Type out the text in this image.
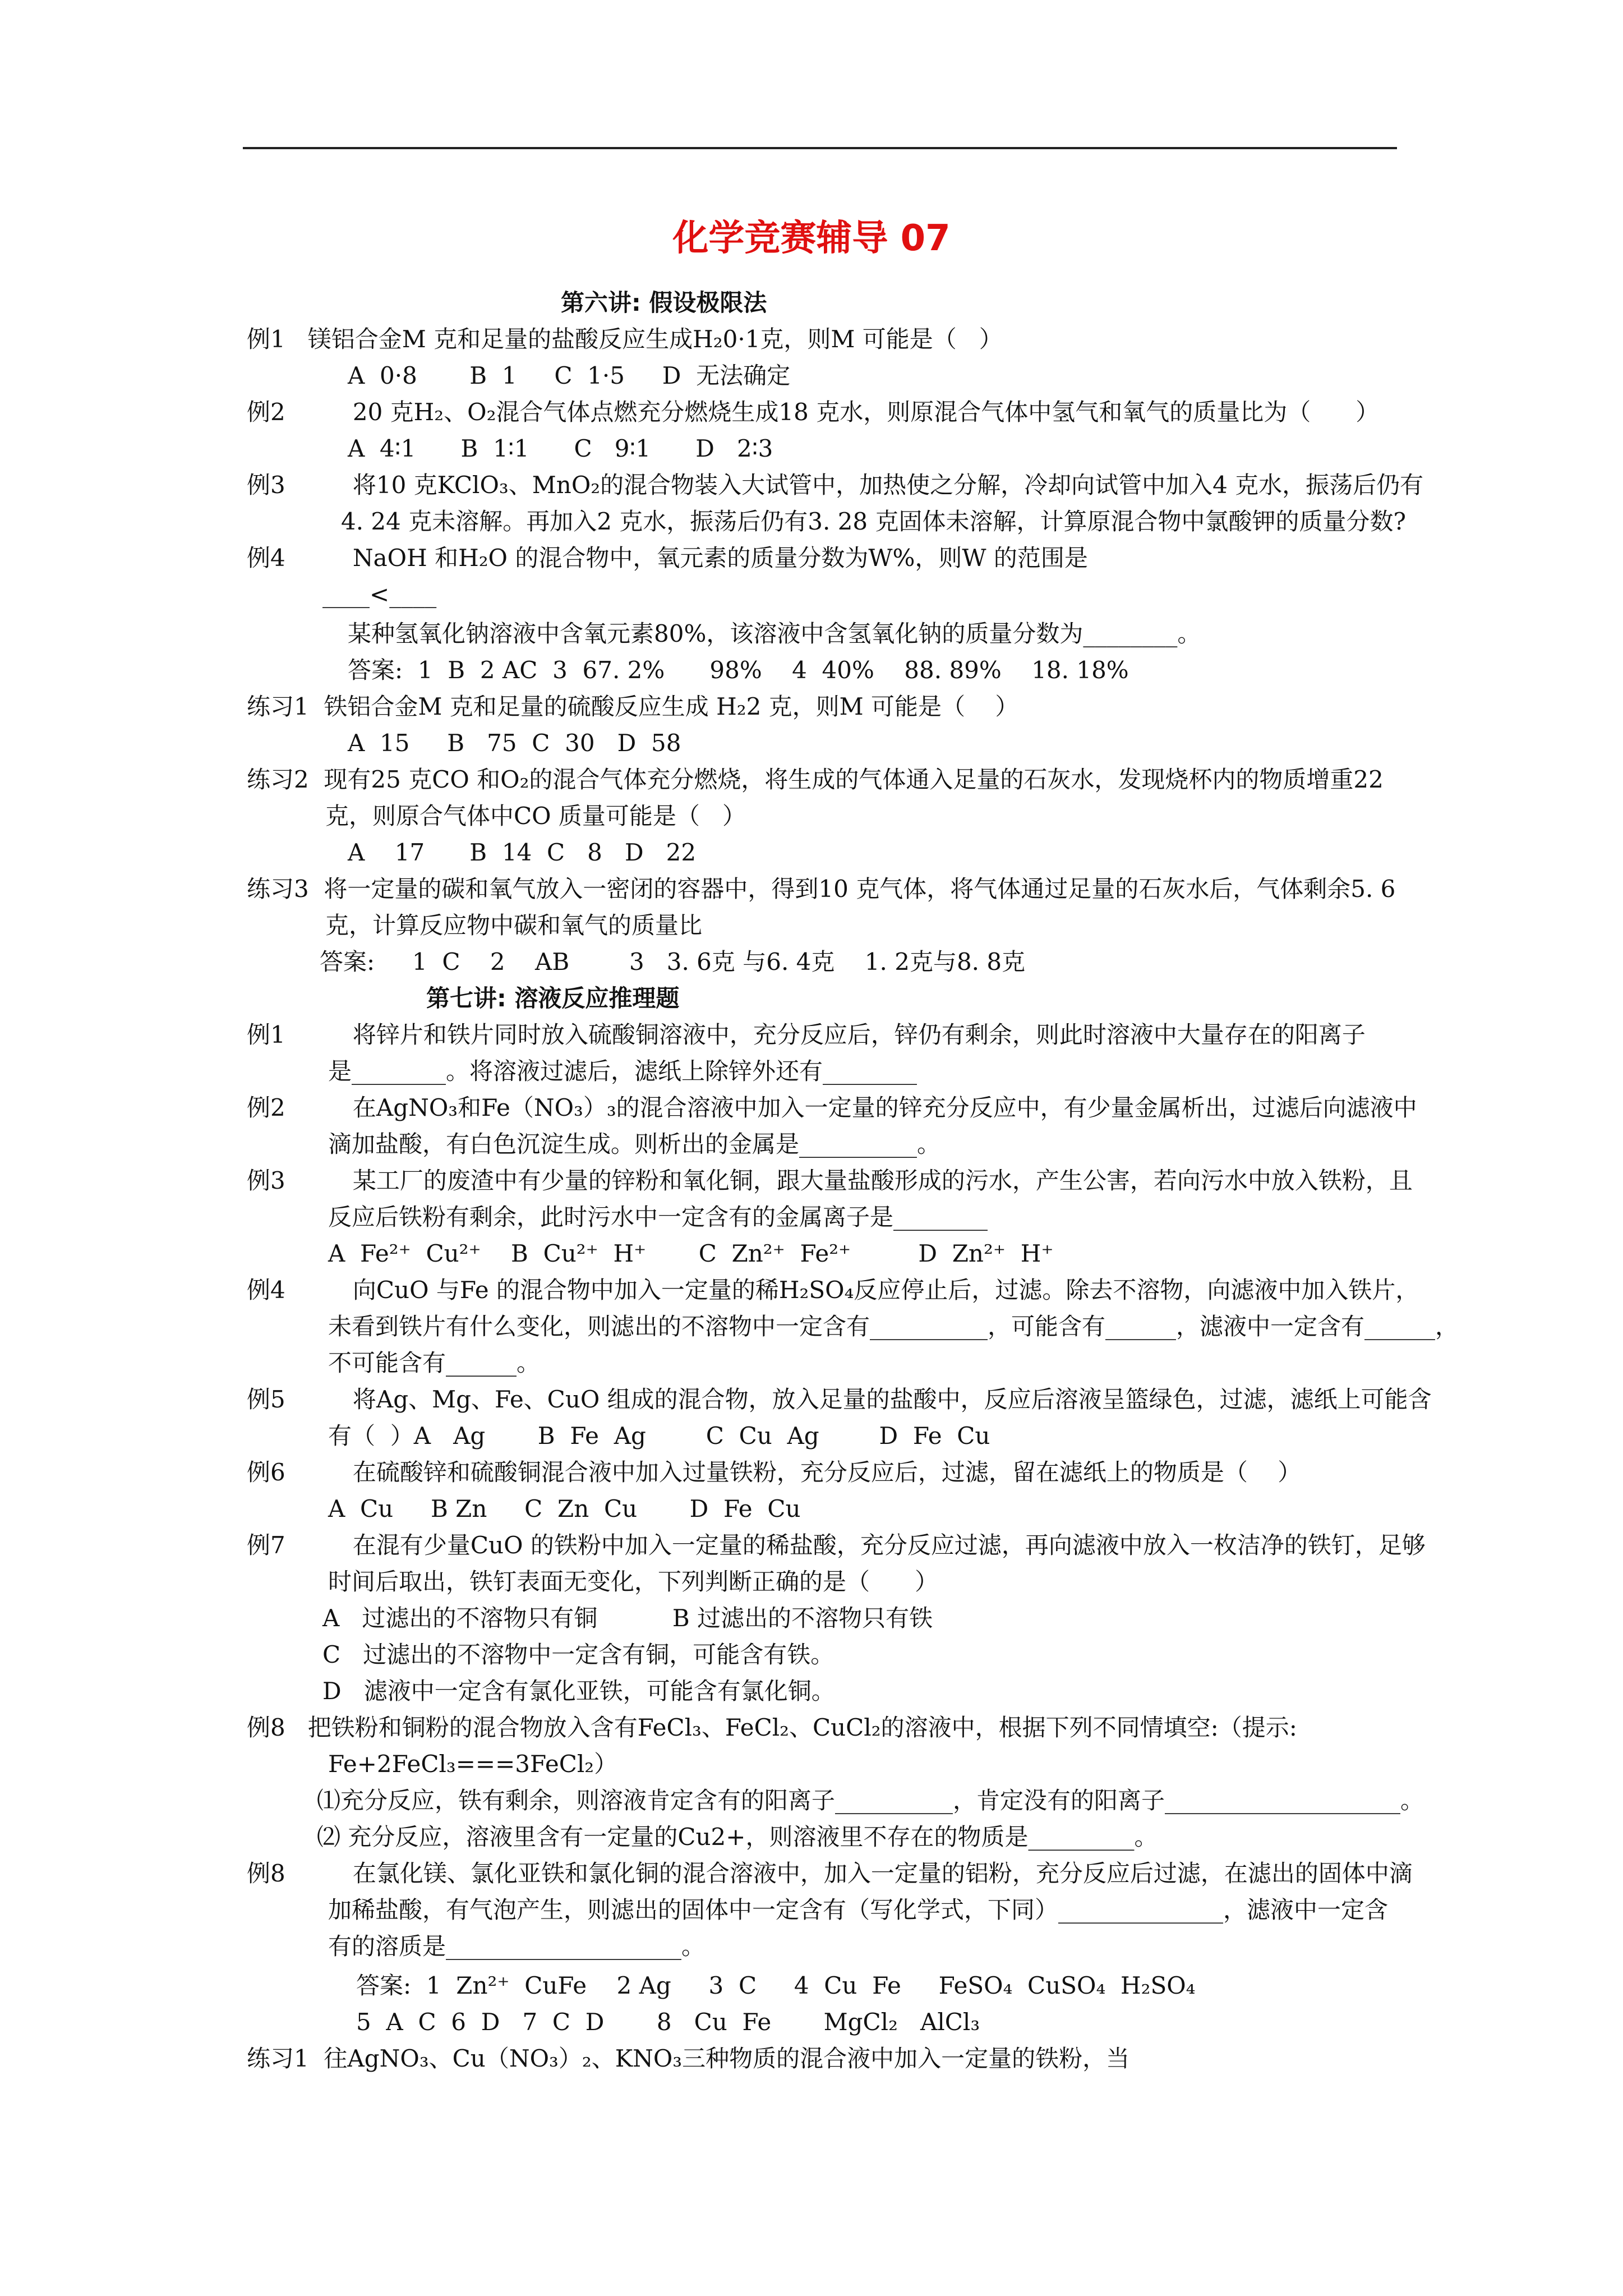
化学竞赛辅导 07
第六讲: 假设极限法
例1   镁铝合金M 克和足量的盐酸反应生成H₂0·1克，则M 可能是（   ）
A  0·8       B  1     C  1·5     D  无法确定
例2         20 克H₂、O₂混合气体点燃充分燃烧生成18 克水，则原混合气体中氢气和氧气的质量比为（      ）
A  4∶1      B  1∶1      C   9∶1      D   2∶3
例3         将10 克KClO₃、MnO₂的混合物装入大试管中，加热使之分解，冷却向试管中加入4 克水，振荡后仍有
4. 24 克未溶解。再加入2 克水，振荡后仍有3. 28 克固体未溶解，计算原混合物中氯酸钾的质量分数?
例4         NaOH 和H₂O 的混合物中，氧元素的质量分数为W%，则W 的范围是
____<____
某种氢氧化钠溶液中含氧元素80%，该溶液中含氢氧化钠的质量分数为________。
答案:  1  B  2 AC  3  67. 2%      98%    4  40%    88. 89%    18. 18%
练习1  铁铝合金M 克和足量的硫酸反应生成 H₂2 克，则M 可能是（    ）
A  15     B   75  C  30   D  58
练习2  现有25 克CO 和O₂的混合气体充分燃烧，将生成的气体通入足量的石灰水，发现烧杯内的物质增重22
克，则原合气体中CO 质量可能是（   ）
A    17      B  14  C   8   D   22
练习3  将一定量的碳和氧气放入一密闭的容器中，得到10 克气体，将气体通过足量的石灰水后，气体剩余5. 6
克，计算反应物中碳和氧气的质量比
答案:     1  C    2    AB        3   3. 6克 与6. 4克    1. 2克与8. 8克
第七讲: 溶液反应推理题
例1         将锌片和铁片同时放入硫酸铜溶液中，充分反应后，锌仍有剩余，则此时溶液中大量存在的阳离子
是________。将溶液过滤后，滤纸上除锌外还有________
例2         在AgNO₃和Fe（NO₃）₃的混合溶液中加入一定量的锌充分反应中，有少量金属析出，过滤后向滤液中
滴加盐酸，有白色沉淀生成。则析出的金属是__________。
例3         某工厂的废渣中有少量的锌粉和氧化铜，跟大量盐酸形成的污水，产生公害，若向污水中放入铁粉，且
反应后铁粉有剩余，此时污水中一定含有的金属离子是________
A  Fe²⁺  Cu²⁺    B  Cu²⁺  H⁺       C  Zn²⁺  Fe²⁺         D  Zn²⁺  H⁺
例4         向CuO 与Fe 的混合物中加入一定量的稀H₂SO₄反应停止后，过滤。除去不溶物，向滤液中加入铁片，
未看到铁片有什么变化，则滤出的不溶物中一定含有__________，可能含有______，滤液中一定含有______，
不可能含有______。
例5         将Ag、Mg、Fe、CuO 组成的混合物，放入足量的盐酸中，反应后溶液呈篮绿色，过滤，滤纸上可能含
有（  ）A   Ag       B  Fe  Ag        C  Cu  Ag        D  Fe  Cu
例6         在硫酸锌和硫酸铜混合液中加入过量铁粉，充分反应后，过滤，留在滤纸上的物质是（    ）
A  Cu     B Zn     C  Zn  Cu       D  Fe  Cu
例7         在混有少量CuO 的铁粉中加入一定量的稀盐酸，充分反应过滤，再向滤液中放入一枚洁净的铁钉，足够
时间后取出，铁钉表面无变化，下列判断正确的是（      ）
A   过滤出的不溶物只有铜          B 过滤出的不溶物只有铁
C   过滤出的不溶物中一定含有铜，可能含有铁。
D   滤液中一定含有氯化亚铁，可能含有氯化铜。
例8   把铁粉和铜粉的混合物放入含有FeCl₃、FeCl₂、CuCl₂的溶液中，根据下列不同情填空:（提示:
Fe+2FeCl₃===3FeCl₂）
⑴充分反应，铁有剩余，则溶液肯定含有的阳离子__________，肯定没有的阳离子____________________。
⑵ 充分反应，溶液里含有一定量的Cu2+，则溶液里不存在的物质是_________。
例8         在氯化镁、氯化亚铁和氯化铜的混合溶液中，加入一定量的铝粉，充分反应后过滤，在滤出的固体中滴
加稀盐酸，有气泡产生，则滤出的固体中一定含有（写化学式，下同）______________，滤液中一定含
有的溶质是____________________。
答案:  1  Zn²⁺  CuFe    2 Ag     3  C     4  Cu  Fe     FeSO₄  CuSO₄  H₂SO₄
5  A  C  6  D   7  C  D       8   Cu  Fe       MgCl₂   AlCl₃
练习1  往AgNO₃、Cu（NO₃）₂、KNO₃三种物质的混合液中加入一定量的铁粉，当
